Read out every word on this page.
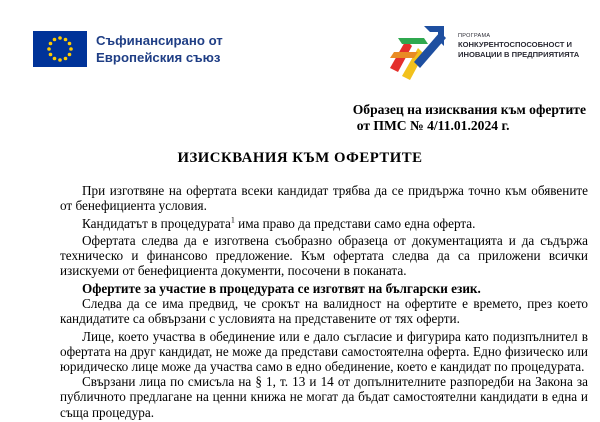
Съфинансирано от
Европейския съюз
ПРОГРАМА
КОНКУРЕНТОСПОСОБНОСТ И
ИНОВАЦИИ В ПРЕДПРИЯТИЯТА
Образец на изисквания към офертите
от ПМС № 4/11.01.2024 г.
ИЗИСКВАНИЯ КЪМ ОФЕРТИТЕ

При изготвяне на офертата всеки кандидат трябва да се придържа точно към обявените от бенефициента условия.

Кандидатът в процедурата$^1$ има право да представи само една оферта.

Офертата следва да е изготвена съобразно образеца от документацията и да съдържа техническо и финансово предложение. Към офертата следва да са приложени всички изискуеми от бенефициента документи, посочени в поканата.

Офертите за участие в процедурата се изготвят на български език.

Следва да се има предвид, че срокът на валидност на офертите е времето, през което кандидатите са обвързани с условията на представените от тях оферти.

Лице, което участва в обединение или е дало съгласие и фигурира като подизпълнител в офертата на друг кандидат, не може да представи самостоятелна оферта. Едно физическо или юридическо лице може да участва само в едно обединение, което е кандидат по процедурата.

Свързани лица по смисъла на § 1, т. 13 и 14 от допълнителните разпоредби на Закона за публичното предлагане на ценни книжа не могат да бъдат самостоятелни кандидати в една и съща процедура.
